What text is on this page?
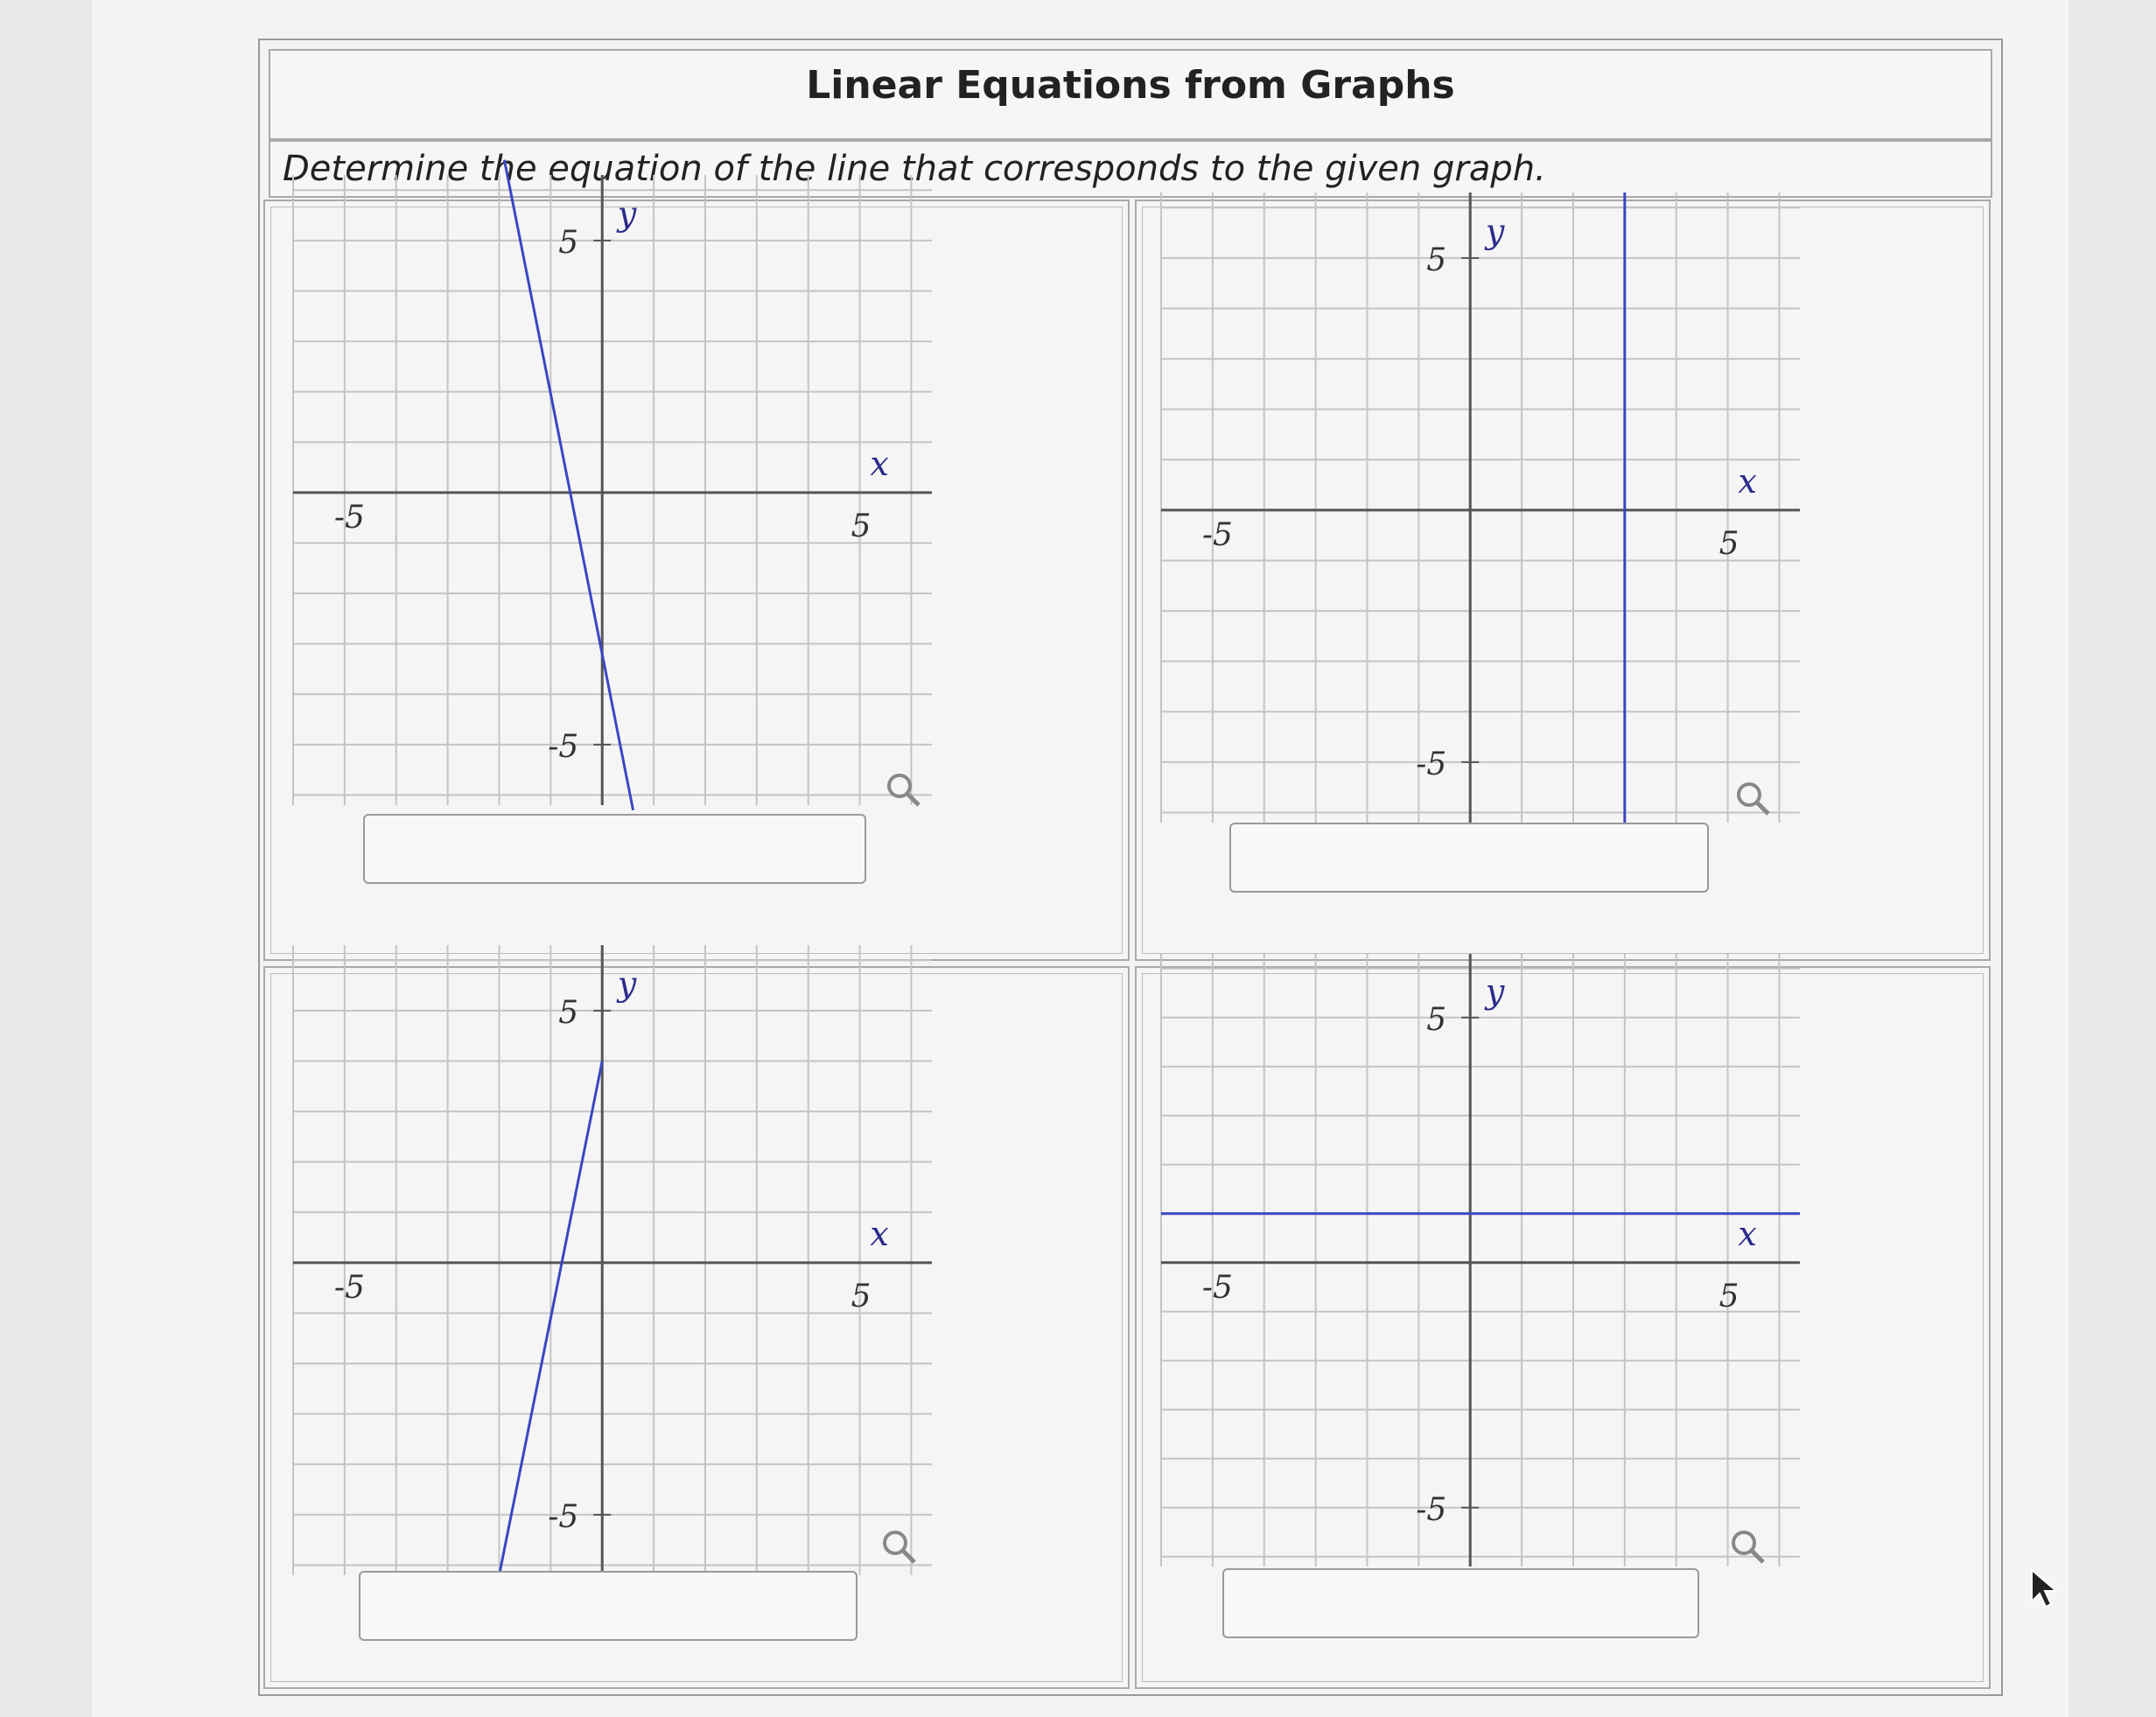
Linear Equations from Graphs
Determine the equation of the line that corresponds to the given graph.
-5	5
5
-5
x
y
-5	5
5
-5
x
y
-5	5
5
-5
x
y
-5	5
5
-5
x
y
